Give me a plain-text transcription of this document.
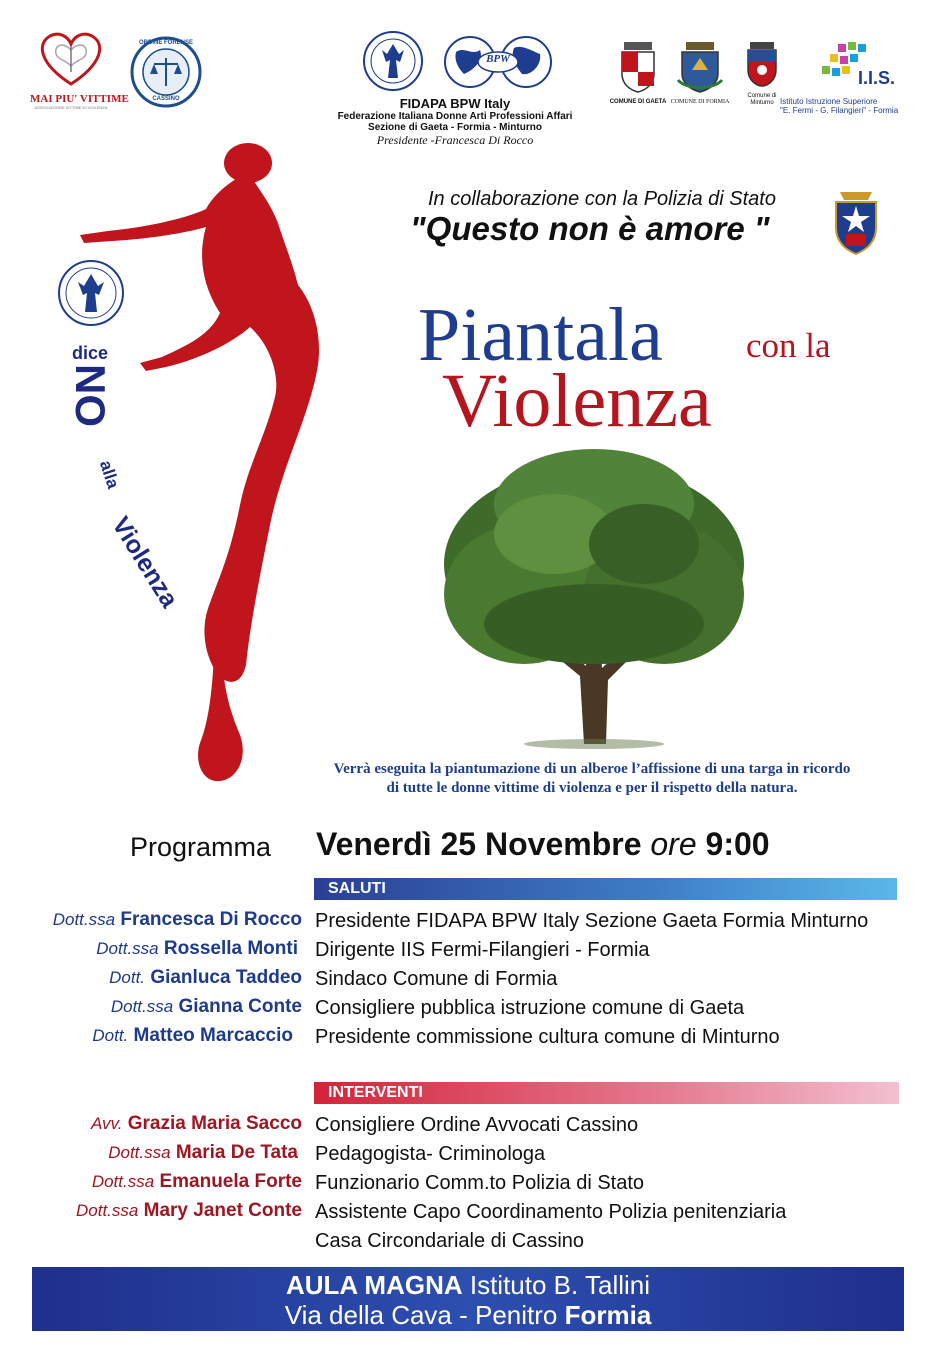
MAI PIU' VITTIME
ASSOCIAZIONE VITTIME DI VIOLENZA
ORDINE FORENSE
CASSINO
BPW
FIDAPA BPW Italy
Federazione Italiana Donne Arti Professioni Affari
Sezione di Gaeta - Formia - Minturno
Presidente -Francesca Di Rocco
COMUNE DI GAETA COMUNE DI FORMIA
Comune di Minturno
I.I.S.
Istituto Istruzione Superiore
"E. Fermi - G. Filangieri" - Formia
In collaborazione con la Polizia di Stato
"Questo non è amore "
Piantala con la
Violenza
dice
NO
alla
Violenza
Verrà eseguita la piantumazione di un alberoe l’affissione di una targa in ricordo
di tutte le donne vittime di violenza e per il rispetto della natura.
Programma Venerdì 25 Novembre ore 9:00
SALUTI
Dott.ssa Francesca Di Rocco Presidente FIDAPA BPW Italy Sezione Gaeta Formia Minturno
Dott.ssa Rossella Monti Dirigente IIS Fermi-Filangieri - Formia
Dott. Gianluca Taddeo Sindaco Comune di Formia
Dott.ssa Gianna Conte Consigliere pubblica istruzione comune di Gaeta
Dott. Matteo Marcaccio Presidente commissione cultura comune di Minturno
INTERVENTI
Avv. Grazia Maria Sacco Consigliere Ordine Avvocati Cassino
Dott.ssa Maria De Tata Pedagogista- Criminologa
Dott.ssa Emanuela Forte Funzionario Comm.to Polizia di Stato
Dott.ssa Mary Janet Conte Assistente Capo Coordinamento Polizia penitenziaria
Casa Circondariale di Cassino
AULA MAGNA Istituto B. Tallini
Via della Cava - Penitro Formia
